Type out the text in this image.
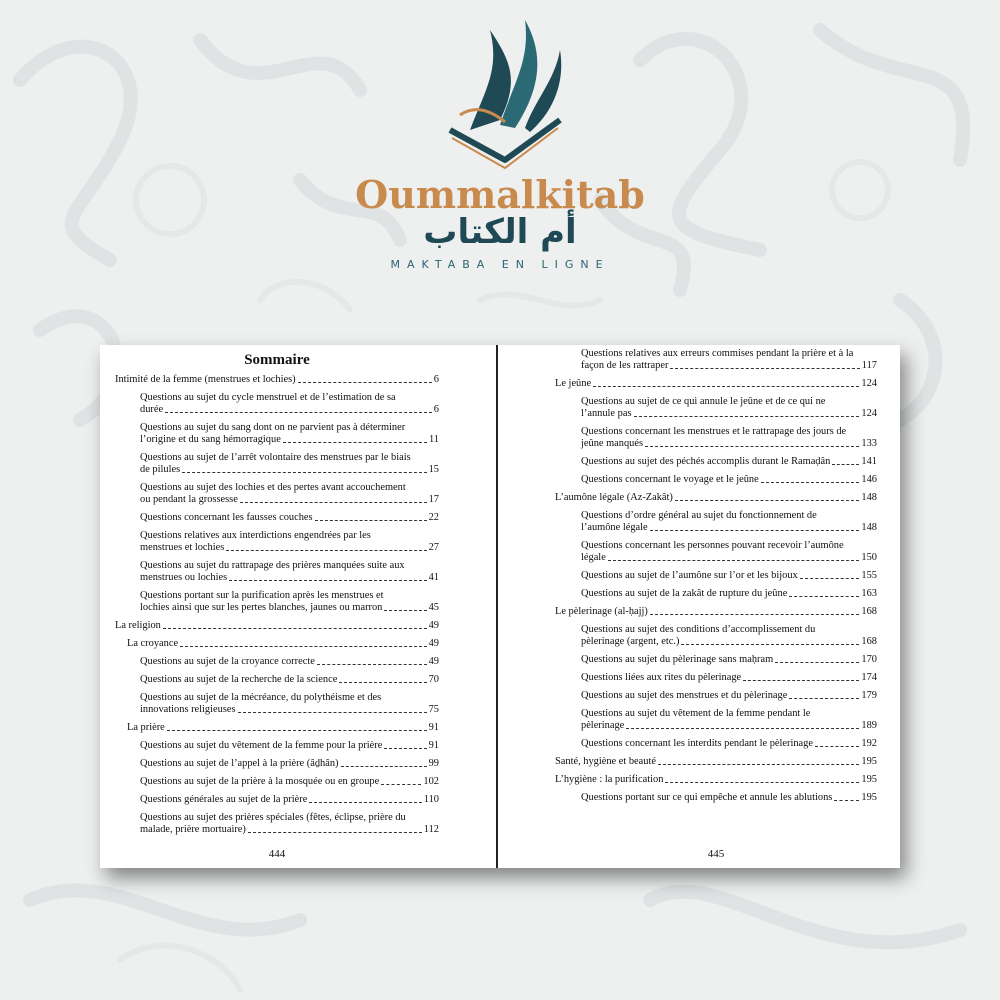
Oummalkitab
أم الكتاب
MAKTABA EN LIGNE
Sommaire
Intimité de la femme (menstrues et lochies)	6
Questions au sujet du cycle menstruel et de l’estimation de sa
durée	6
Questions au sujet du sang dont on ne parvient pas à déterminer
l’origine et du sang hémorragique	11
Questions au sujet de l’arrêt volontaire des menstrues par le biais
de pilules	15
Questions au sujet des lochies et des pertes avant accouchement
ou pendant la grossesse	17
Questions concernant les fausses couches	22
Questions relatives aux interdictions engendrées par les
menstrues et lochies	27
Questions au sujet du rattrapage des prières manquées suite aux
menstrues ou lochies	41
Questions portant sur la purification après les menstrues et
lochies ainsi que sur les pertes blanches, jaunes ou marron	45
La religion	49
La croyance	49
Questions au sujet de la croyance correcte	49
Questions au sujet de la recherche de la science	70
Questions au sujet de la mécréance, du polythéisme et des
innovations religieuses	75
La prière	91
Questions au sujet du vêtement de la femme pour la prière	91
Questions au sujet de l’appel à la prière (âḏhân)	99
Questions au sujet de la prière à la mosquée ou en groupe	102
Questions générales au sujet de la prière	110
Questions au sujet des prières spéciales (fêtes, éclipse, prière du
malade, prière mortuaire)	112
444
Questions relatives aux erreurs commises pendant la prière et à la
façon de les rattraper	117
Le jeûne	124
Questions au sujet de ce qui annule le jeûne et de ce qui ne
l’annule pas	124
Questions concernant les menstrues et le rattrapage des jours de
jeûne manqués	133
Questions au sujet des péchés accomplis durant le Ramaḍân	141
Questions concernant le voyage et le jeûne	146
L’aumône légale (Az-Zakât)	148
Questions d’ordre général au sujet du fonctionnement de
l’aumône légale	148
Questions concernant les personnes pouvant recevoir l’aumône
légale	150
Questions au sujet de l’aumône sur l’or et les bijoux	155
Questions au sujet de la zakât de rupture du jeûne	163
Le pèlerinage (al-ḥajj)	168
Questions au sujet des conditions d’accomplissement du
pèlerinage (argent, etc.)	168
Questions au sujet du pèlerinage sans maḥram	170
Questions liées aux rites du pèlerinage	174
Questions au sujet des menstrues et du pèlerinage	179
Questions au sujet du vêtement de la femme pendant le
pèlerinage	189
Questions concernant les interdits pendant le pèlerinage	192
Santé, hygiène et beauté	195
L’hygiène : la purification	195
Questions portant sur ce qui empêche et annule les ablutions	195
445
